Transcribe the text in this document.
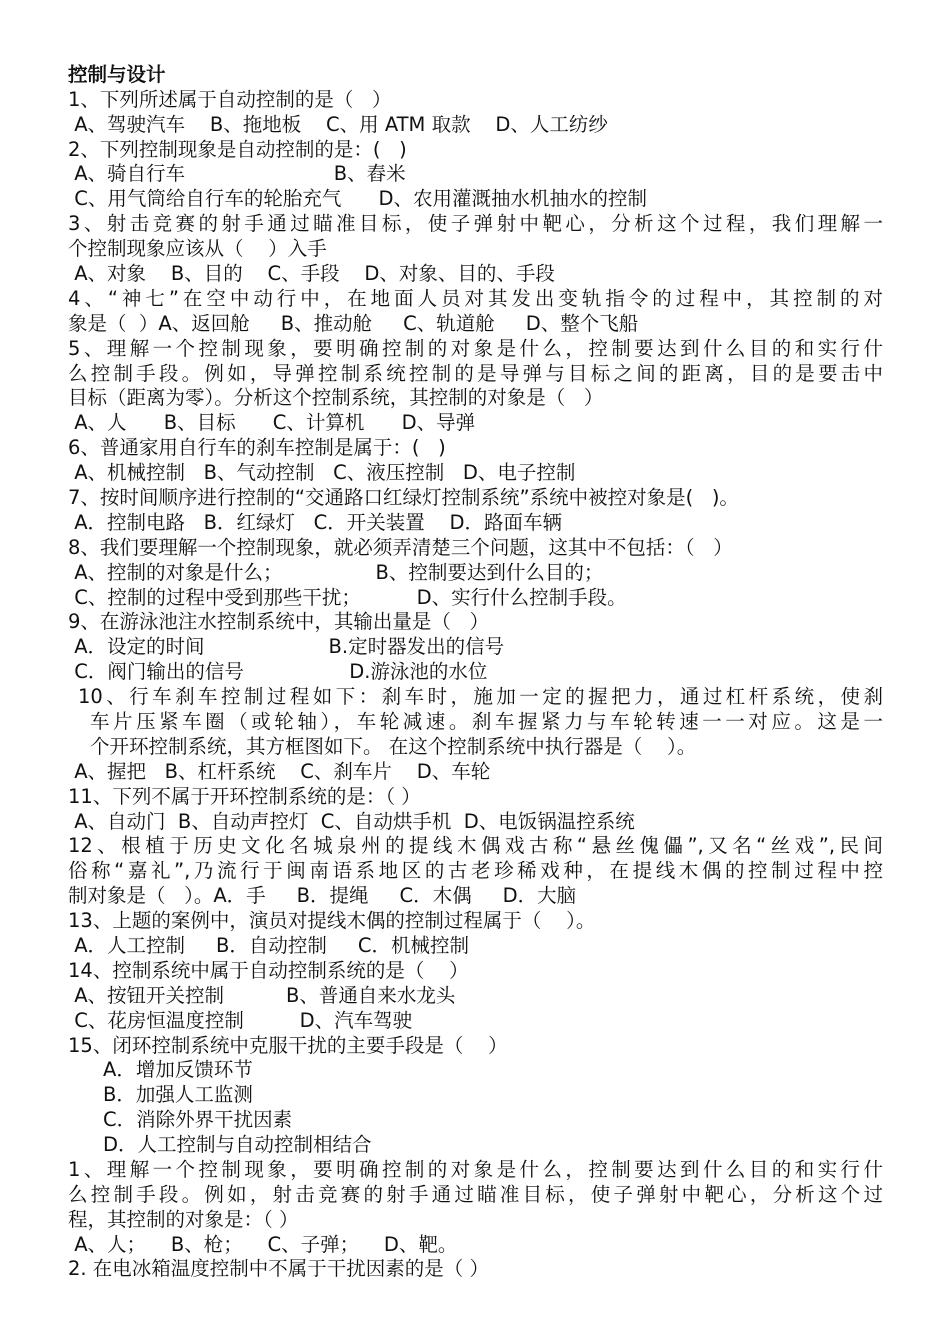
控制与设计
1、下列所述属于自动控制的是（   ）
A、驾驶汽车    B、拖地板    C、用 ATM 取款    D、人工纺纱
2、下列控制现象是自动控制的是：(   )
A、骑自行车                        B、舂米
C、用气筒给自行车的轮胎充气      D、农用灌溉抽水机抽水的控制
3、射击竞赛的射手通过瞄准目标，使子弹射中靶心，分析这个过程，我们理解一
个控制现象应该从（    ）入手
A、对象    B、目的    C、手段    D、对象、目的、手段
4、“神七”在空中动行中，在地面人员对其发出变轨指令的过程中，其控制的对
象是（  ）A、返回舱     B、推动舱     C、轨道舱     D、整个飞船
5、理解一个控制现象，要明确控制的对象是什么，控制要达到什么目的和实行什
么控制手段。例如，导弹控制系统控制的是导弹与目标之间的距离，目的是要击中
目标（距离为零）。分析这个控制系统，其控制的对象是（   ）
A、人      B、目标      C、计算机      D、导弹
6、普通家用自行车的刹车控制是属于：(   )
A、机械控制   B、气动控制   C、液压控制   D、电子控制
7、按时间顺序进行控制的“交通路口红绿灯控制系统”系统中被控对象是(   )。
A．控制电路   B．红绿灯   C．开关装置    D．路面车辆
8、我们要理解一个控制现象，就必须弄清楚三个问题，这其中不包括：（   ）
A、控制的对象是什么；               B、控制要达到什么目的；
C、控制的过程中受到那些干扰；         D、实行什么控制手段。
9、在游泳池注水控制系统中，其输出量是（   ）
A．设定的时间                    B.定时器发出的信号
C．阀门输出的信号                 D.游泳池的水位
10、行车刹车控制过程如下：刹车时，施加一定的握把力，通过杠杆系统，使刹
车片压紧车圈（或轮轴），车轮减速。刹车握紧力与车轮转速一一对应。这是一
个开环控制系统，其方框图如下。 在这个控制系统中执行器是（    ）。
A、握把   B、杠杆系统    C、刹车片    D、车轮
11、下列不属于开环控制系统的是：（ ）
A、自动门  B、自动声控灯  C、自动烘手机  D、电饭锅温控系统
12、根植于历史文化名城泉州的提线木偶戏古称“悬丝傀儡”,又名“丝戏”,民间
俗称“嘉礼”,乃流行于闽南语系地区的古老珍稀戏种，在提线木偶的控制过程中控
制对象是（   ）。A．手     B．提绳     C．木偶     D．大脑
13、上题的案例中，演员对提线木偶的控制过程属于（    ）。
A．人工控制     B．自动控制     C．机械控制
14、控制系统中属于自动控制系统的是（    ）
A、按钮开关控制          B、普通自来水龙头
C、花房恒温度控制         D、汽车驾驶
15、闭环控制系统中克服干扰的主要手段是（    ）
A．增加反馈环节
B．加强人工监测
C．消除外界干扰因素
D．人工控制与自动控制相结合
1、理解一个控制现象，要明确控制的对象是什么，控制要达到什么目的和实行什
么控制手段。例如，射击竞赛的射手通过瞄准目标，使子弹射中靶心，分析这个过
程，其控制的对象是：（ ）
A、人；    B、枪；    C、子弹；    D、靶。
2. 在电冰箱温度控制中不属于干扰因素的是（ ）
